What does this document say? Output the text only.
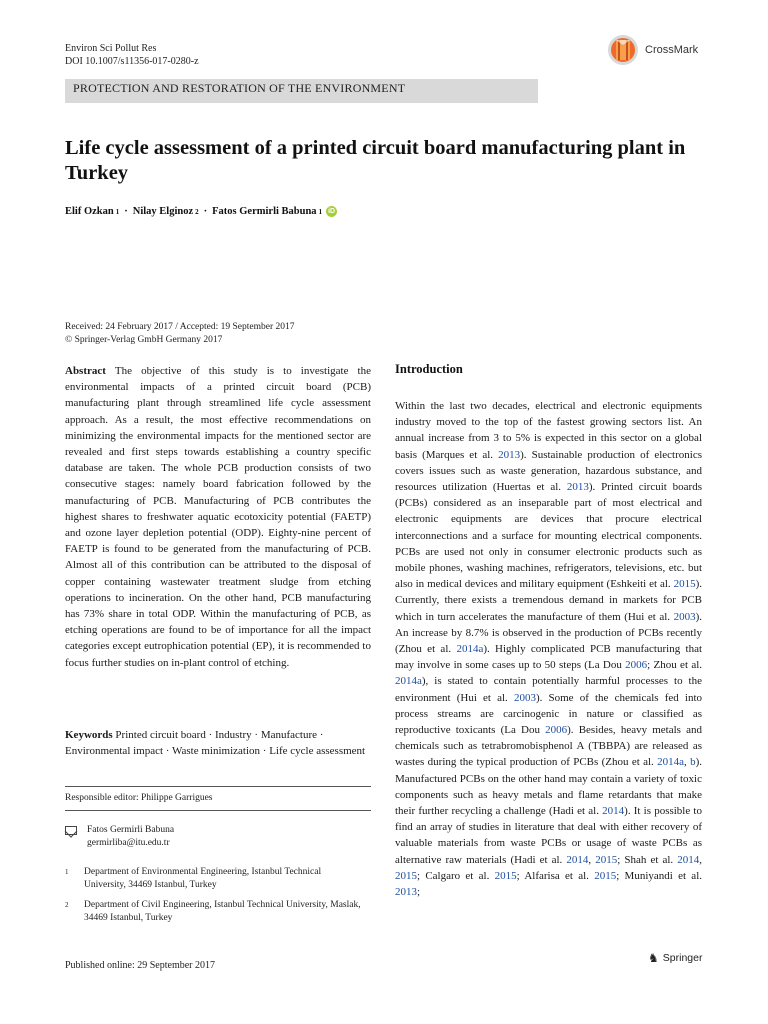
Environ Sci Pollut Res
DOI 10.1007/s11356-017-0280-z
CrossMark
PROTECTION AND RESTORATION OF THE ENVIRONMENT
Life cycle assessment of a printed circuit board manufacturing plant in Turkey
Elif Ozkan 1 · Nilay Elginoz 2 · Fatos Germirli Babuna 1 iD
Received: 24 February 2017 / Accepted: 19 September 2017
© Springer-Verlag GmbH Germany 2017

Abstract The objective of this study is to investigate the environmental impacts of a printed circuit board (PCB) manufacturing plant through streamlined life cycle assessment approach. As a result, the most effective recommendations on minimizing the environmental impacts for the mentioned sector are revealed and first steps towards establishing a country specific database are taken. The whole PCB production consists of two consecutive stages: namely board fabrication followed by the manufacturing of PCB. Manufacturing of PCB contributes the highest shares to freshwater aquatic ecotoxicity potential (FAETP) and ozone layer depletion potential (ODP). Eighty-nine percent of FAETP is found to be generated from the manufacturing of PCB. Almost all of this contribution can be attributed to the disposal of copper containing wastewater treatment sludge from etching operations to incineration. On the other hand, PCB manufacturing has 73% share in total ODP. Within the manufacturing of PCB, as etching operations are found to be of importance for all the impact categories except eutrophication potential (EP), it is recommended to focus further studies on in-plant control of etching.

Keywords Printed circuit board · Industry · Manufacture · Environmental impact · Waste minimization · Life cycle assessment
Responsible editor: Philippe Garrigues
Fatos Germirli Babuna
germirliba@itu.edu.tr
1	Department of Environmental Engineering, Istanbul Technical University, 34469 Istanbul, Turkey
2	Department of Civil Engineering, Istanbul Technical University, Maslak, 34469 Istanbul, Turkey
Published online: 29 September 2017
♞ Springer
Introduction

Within the last two decades, electrical and electronic equipments industry moved to the top of the fastest growing sectors list. An annual increase from 3 to 5% is expected in this sector on a global basis (Marques et al. 2013). Sustainable production of electronics covers issues such as waste generation, hazardous substance, and resources utilization (Huertas et al. 2013). Printed circuit boards (PCBs) considered as an inseparable part of most electrical and electronic equipments are devices that procure electrical interconnections and a surface for mounting electrical components. PCBs are used not only in consumer electronic products such as mobile phones, washing machines, refrigerators, televisions, etc. but also in medical devices and military equipment (Eshkeiti et al. 2015). Currently, there exists a tremendous demand in markets for PCB which in turn accelerates the manufacture of them (Hui et al. 2003). An increase by 8.7% is observed in the production of PCBs recently (Zhou et al. 2014a). Highly complicated PCB manufacturing that may involve in some cases up to 50 steps (La Dou 2006; Zhou et al. 2014a), is stated to contain potentially harmful processes to the environment (Hui et al. 2003). Some of the chemicals fed into process streams are carcinogenic in nature or classified as reproductive toxicants (La Dou 2006). Besides, heavy metals and chemicals such as tetrabromobisphenol A (TBBPA) are released as wastes during the typical production of PCBs (Zhou et al. 2014a, b). Manufactured PCBs on the other hand may contain a variety of toxic components such as heavy metals and flame retardants that make their further recycling a challenge (Hadi et al. 2014). It is possible to find an array of studies in literature that deal with either recovery of valuable materials from waste PCBs or usage of waste PCBs as alternative raw materials (Hadi et al. 2014, 2015; Shah et al. 2014, 2015; Calgaro et al. 2015; Alfarisa et al. 2015; Muniyandi et al. 2013;
